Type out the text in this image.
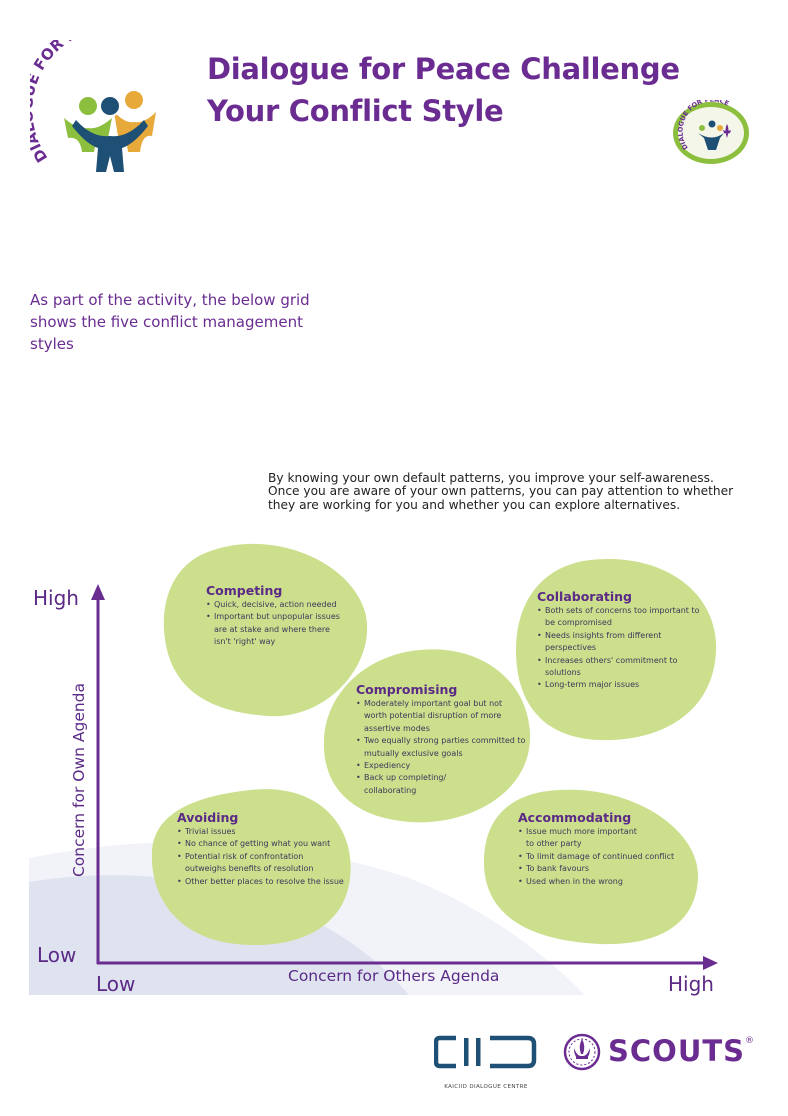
D FOR
Dialogue for Peace Challenge
Your Conflict Style
DIALOGUE FOR P CE
As part of the activity, the below grid shows the five conflict management styles
By knowing your own default patterns, you improve your self-awareness. Once you are aware of your own patterns, you can pay attention to whether they are working for you and whether you can explore alternatives.
High
Low
Low	High
Concern for Others Agenda
Concern for Own Agenda

Competing

• Quick, decisive, action needed
• Important but unpopular issues are at stake and where there isn't 'right' way

Collaborating

• Both sets of concerns too important to be compromised
• Needs insights from different perspectives
• Increases others' commitment to solutions
• Long-term major issues

Compromising

• Moderately important goal but not worth potential disruption of more assertive modes
• Two equally strong parties committed to mutually exclusive goals
• Expediency
• Back up completing/ collaborating

Avoiding

• Trivial issues
• No chance of getting what you want
• Potential risk of confrontation outweighs benefits of resolution
• Other better places to resolve the issue

Accommodating

• Issue much more important to other party
• To limit damage of continued conflict
• To bank favours
• Used when in the wrong
KAICIID DIALOGUE CENTRE
SCOUTS®
